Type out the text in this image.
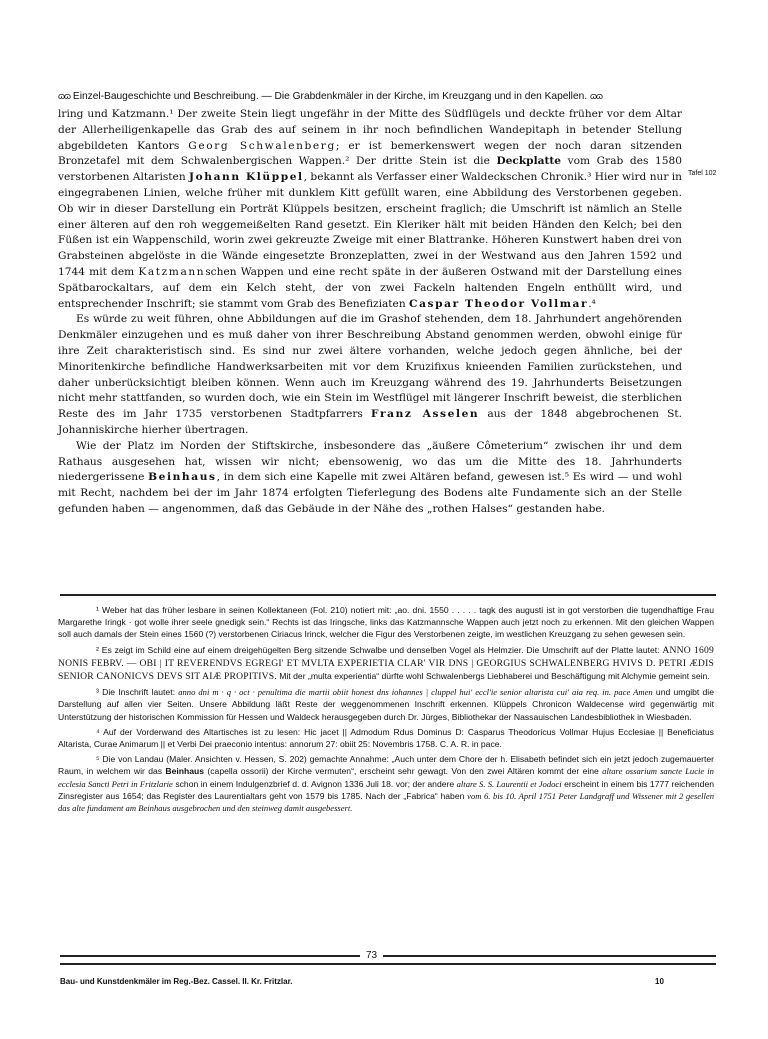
ɷɷ Einzel-Baugeschichte und Beschreibung. — Die Grabdenkmäler in der Kirche, im Kreuzgang und in den Kapellen. ɷɷ
Tafel 102

lring und Katzmann.¹ Der zweite Stein liegt ungefähr in der Mitte des Südflügels und deckte früher vor dem Altar der Allerheiligenkapelle das Grab des auf seinem in ihr noch befindlichen Wandepitaph in betender Stellung abgebildeten Kantors Georg Schwalenberg; er ist bemerkenswert wegen der noch daran sitzenden Bronzetafel mit dem Schwalenbergischen Wappen.² Der dritte Stein ist die Deckplatte vom Grab des 1580 verstorbenen Altaristen Johann Klüppel, bekannt als Verfasser einer Waldeckschen Chronik.³ Hier wird nur in eingegrabenen Linien, welche früher mit dunklem Kitt gefüllt waren, eine Abbildung des Verstorbenen gegeben. Ob wir in dieser Darstellung ein Porträt Klüppels besitzen, erscheint fraglich; die Umschrift ist nämlich an Stelle einer älteren auf den roh weggemeißelten Rand gesetzt. Ein Kleriker hält mit beiden Händen den Kelch; bei den Füßen ist ein Wappenschild, worin zwei gekreuzte Zweige mit einer Blattranke. Höheren Kunstwert haben drei von Grabsteinen abgelöste in die Wände eingesetzte Bronzeplatten, zwei in der Westwand aus den Jahren 1592 und 1744 mit dem Katzmannschen Wappen und eine recht späte in der äußeren Ostwand mit der Darstellung eines Spätbarockaltars, auf dem ein Kelch steht, der von zwei Fackeln haltenden Engeln enthüllt wird, und entsprechender Inschrift; sie stammt vom Grab des Benefiziaten Caspar Theodor Vollmar.⁴

Es würde zu weit führen, ohne Abbildungen auf die im Grashof stehenden, dem 18. Jahrhundert angehörenden Denkmäler einzugehen und es muß daher von ihrer Beschreibung Abstand genommen werden, obwohl einige für ihre Zeit charakteristisch sind. Es sind nur zwei ältere vorhanden, welche jedoch gegen ähnliche, bei der Minoritenkirche befindliche Handwerksarbeiten mit vor dem Kruzifixus knieenden Familien zurückstehen, und daher unberücksichtigt bleiben können. Wenn auch im Kreuzgang während des 19. Jahrhunderts Beisetzungen nicht mehr stattfanden, so wurden doch, wie ein Stein im Westflügel mit längerer Inschrift beweist, die sterblichen Reste des im Jahr 1735 verstorbenen Stadtpfarrers Franz Asselen aus der 1848 abgebrochenen St. Johanniskirche hierher übertragen.

Wie der Platz im Norden der Stiftskirche, insbesondere das „äußere Cômeterium“ zwischen ihr und dem Rathaus ausgesehen hat, wissen wir nicht; ebensowenig, wo das um die Mitte des 18. Jahrhunderts niedergerissene Beinhaus, in dem sich eine Kapelle mit zwei Altären befand, gewesen ist.⁵ Es wird — und wohl mit Recht, nachdem bei der im Jahr 1874 erfolgten Tieferlegung des Bodens alte Fundamente sich an der Stelle gefunden haben — angenommen, daß das Gebäude in der Nähe des „rothen Halses“ gestanden habe.

¹ Weber hat das früher lesbare in seinen Kollektaneen (Fol. 210) notiert mit: „ao. dni. 1550 . . . . . tagk des augusti ist in got verstorben die tugendhaftige Frau Margarethe Iringk · got wolle ihrer seele gnedigk sein.“ Rechts ist das Iringsche, links das Katzmannsche Wappen auch jetzt noch zu erkennen. Mit den gleichen Wappen soll auch damals der Stein eines 1560 (?) verstorbenen Ciriacus Irinck, welcher die Figur des Verstorbenen zeigte, im westlichen Kreuzgang zu sehen gewesen sein.

² Es zeigt im Schild eine auf einem dreigehügelten Berg sitzende Schwalbe und denselben Vogel als Helmzier. Die Umschrift auf der Platte lautet: ANNO 1609 NONIS FEBRV. — OBI | IT REVERENDVS EGREGI' ET MVLTA EXPERIETIA CLAR' VIR DNS | GEORGIUS SCHWALENBERG HVIVS D. PETRI ÆDIS SENIOR CANONICVS DEVS SIT AIÆ PROPITIVS. Mit der „multa experientia“ dürfte wohl Schwalenbergs Liebhaberei und Beschäftigung mit Alchymie gemeint sein.

³ Die Inschrift lautet: anno dni m · q · oct · penultima die martii obiit honest dns iohannes | cluppel hui' eccl'ie senior altarista cui' aia req. in. pace Amen und umgibt die Darstellung auf allen vier Seiten. Unsere Abbildung läßt Reste der weggenommenen Inschrift erkennen. Klüppels Chronicon Waldecense wird gegenwärtig mit Unterstützung der historischen Kommission für Hessen und Waldeck herausgegeben durch Dr. Jürges, Bibliothekar der Nassauischen Landesbibliothek in Wiesbaden.

⁴ Auf der Vorderwand des Altartisches ist zu lesen: Hic jacet || Admodum Rdus Dominus D: Casparus Theodoricus Vollmar Hujus Ecclesiae || Beneficiatus Altarista, Curae Animarum || et Verbi Dei praeconio intentus: annorum 27: obiit 25: Novembris 1758. C. A. R. in pace.

⁵ Die von Landau (Maler. Ansichten v. Hessen, S. 202) gemachte Annahme: „Auch unter dem Chore der h. Elisabeth befindet sich ein jetzt jedoch zugemauerter Raum, in welchem wir das Beinhaus (capella ossorii) der Kirche vermuten“, erscheint sehr gewagt. Von den zwei Altären kommt der eine altare ossarium sancte Lucie in ecclesia Sancti Petri in Fritzlarie schon in einem Indulgenzbrief d. d. Avignon 1336 Juli 18. vor; der andere altare S. S. Laurentii et Jodoci erscheint in einem bis 1777 reichenden Zinsregister aus 1654; das Register des Laurentialtars geht von 1579 bis 1785. Nach der „Fabrica“ haben vom 6. bis 10. April 1751 Peter Landgraff und Wissener mit 2 gesellen das alte fundament am Beinhaus ausgebrochen und den steinweg damit ausgebessert.

73
Bau- und Kunstdenkmäler im Reg.-Bez. Cassel. II. Kr. Fritzlar.	10
